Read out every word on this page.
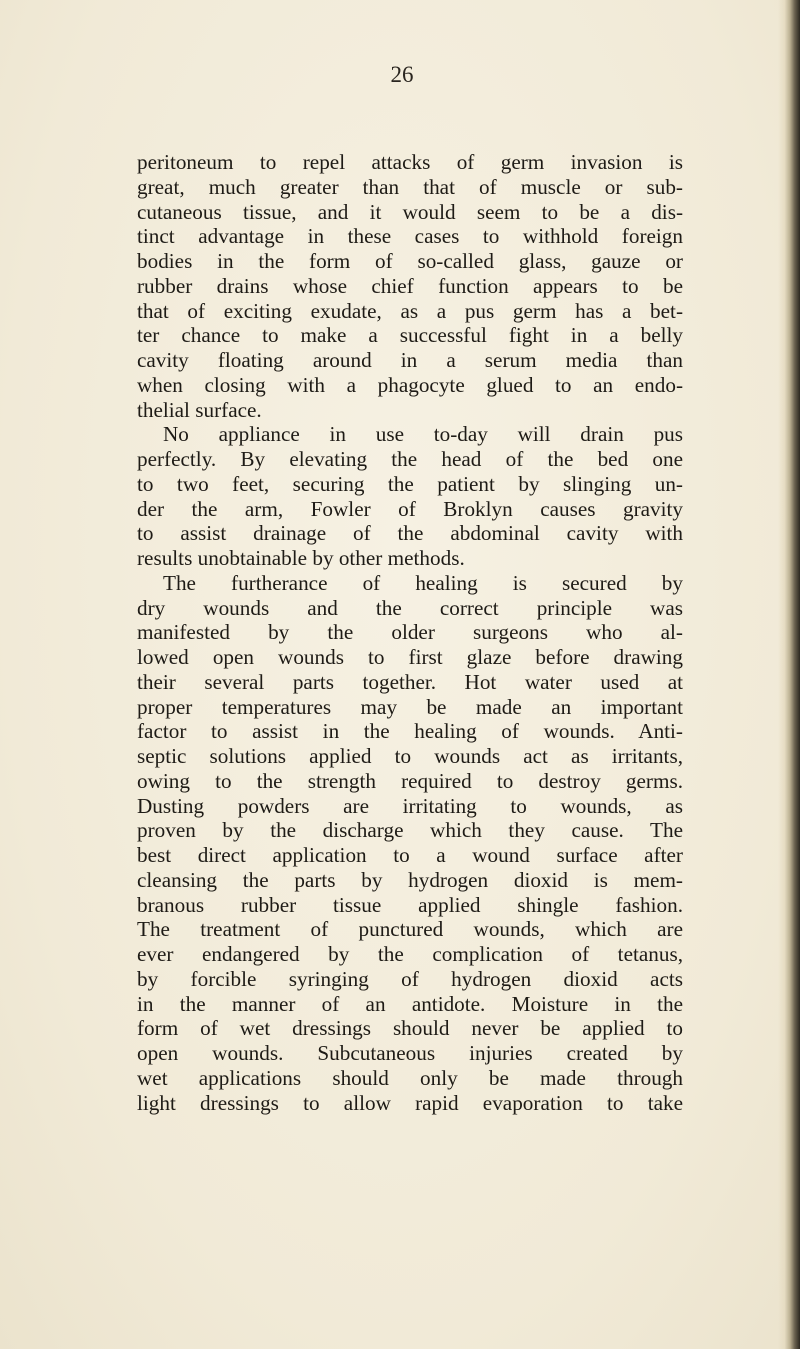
26
peritoneum to repel attacks of germ invasion is
great, much greater than that of muscle or sub-
cutaneous tissue, and it would seem to be a dis-
tinct advantage in these cases to withhold foreign
bodies in the form of so-called glass, gauze or
rubber drains whose chief function appears to be
that of exciting exudate, as a pus germ has a bet-
ter chance to make a successful fight in a belly
cavity floating around in a serum media than
when closing with a phagocyte glued to an endo-
thelial surface.
No appliance in use to-day will drain pus
perfectly. By elevating the head of the bed one
to two feet, securing the patient by slinging un-
der the arm, Fowler of Broklyn causes gravity
to assist drainage of the abdominal cavity with
results unobtainable by other methods.
The furtherance of healing is secured by
dry wounds and the correct principle was
manifested by the older surgeons who al-
lowed open wounds to first glaze before drawing
their several parts together. Hot water used at
proper temperatures may be made an important
factor to assist in the healing of wounds. Anti-
septic solutions applied to wounds act as irritants,
owing to the strength required to destroy germs.
Dusting powders are irritating to wounds, as
proven by the discharge which they cause. The
best direct application to a wound surface after
cleansing the parts by hydrogen dioxid is mem-
branous rubber tissue applied shingle fashion.
The treatment of punctured wounds, which are
ever endangered by the complication of tetanus,
by forcible syringing of hydrogen dioxid acts
in the manner of an antidote. Moisture in the
form of wet dressings should never be applied to
open wounds. Subcutaneous injuries created by
wet applications should only be made through
light dressings to allow rapid evaporation to take
